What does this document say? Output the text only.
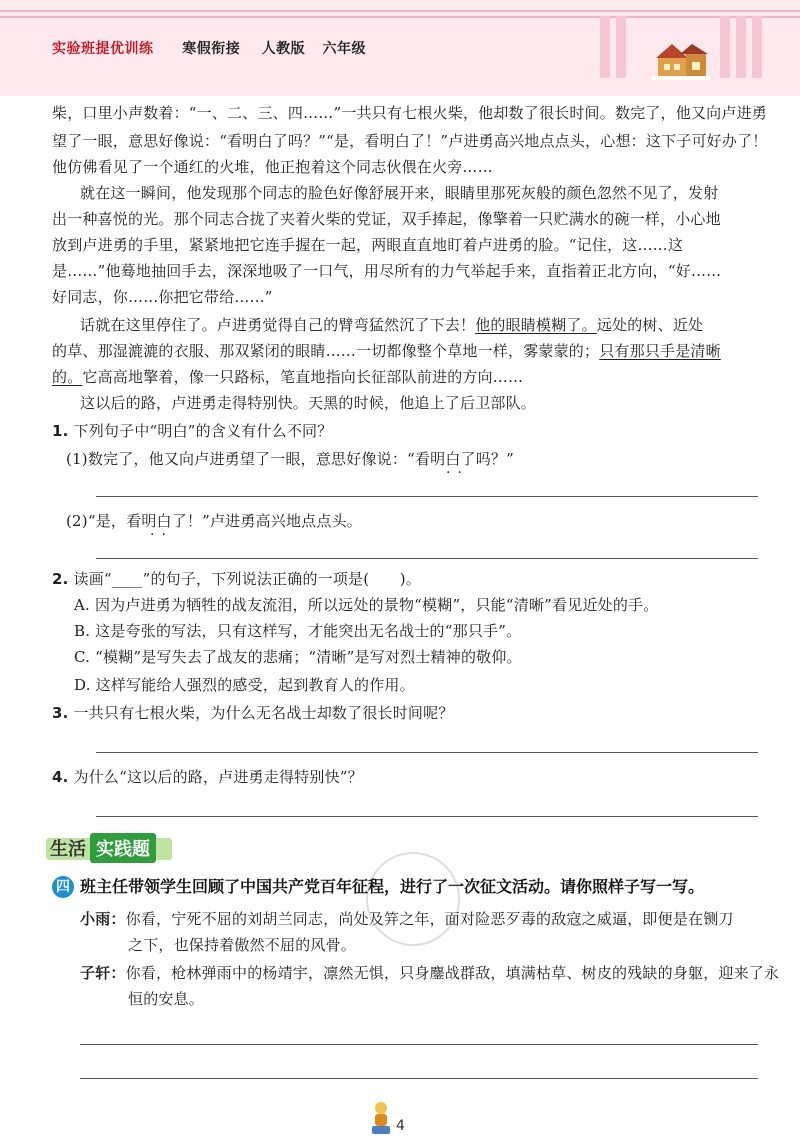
实验班提优训练 寒假衔接 人教版 六年级
柴，口里小声数着：“一、二、三、四……”一共只有七根火柴，他却数了很长时间。数完了，他又向卢进勇
望了一眼，意思好像说：“看明白了吗？”“是，看明白了！”卢进勇高兴地点点头，心想：这下子可好办了！
他仿佛看见了一个通红的火堆，他正抱着这个同志伙偎在火旁……
就在这一瞬间，他发现那个同志的脸色好像舒展开来，眼睛里那死灰般的颜色忽然不见了，发射
出一种喜悦的光。那个同志合拢了夹着火柴的党证，双手捧起，像擎着一只贮满水的碗一样，小心地
放到卢进勇的手里，紧紧地把它连手握在一起，两眼直直地盯着卢进勇的脸。“记住，这……这
是……”他蓦地抽回手去，深深地吸了一口气，用尽所有的力气举起手来，直指着正北方向，“好……
好同志，你……你把它带给……”
话就在这里停住了。卢进勇觉得自己的臂弯猛然沉了下去！他的眼睛模糊了。远处的树、近处
的草、那湿漉漉的衣服、那双紧闭的眼睛……一切都像整个草地一样，雾蒙蒙的；只有那只手是清晰
的。它高高地擎着，像一只路标，笔直地指向长征部队前进的方向……
这以后的路，卢进勇走得特别快。天黑的时候，他追上了后卫部队。
1. 下列句子中“明白”的含义有什么不同？
(1)数完了，他又向卢进勇望了一眼，意思好像说：“看明白了吗？”
··
(2)“是，看明白了！”卢进勇高兴地点点头。
··
2. 读画“____”的句子，下列说法正确的一项是(　　)。
A. 因为卢进勇为牺牲的战友流泪，所以远处的景物“模糊”，只能“清晰”看见近处的手。
B. 这是夸张的写法，只有这样写，才能突出无名战士的“那只手”。
C. “模糊”是写失去了战友的悲痛；“清晰”是写对烈士精神的敬仰。
D. 这样写能给人强烈的感受，起到教育人的作用。
3. 一共只有七根火柴，为什么无名战士却数了很长时间呢？
4. 为什么“这以后的路，卢进勇走得特别快”？
生活 实践题
四 班主任带领学生回顾了中国共产党百年征程，进行了一次征文活动。请你照样子写一写。
小雨：你看，宁死不屈的刘胡兰同志，尚处及笄之年，面对险恶歹毒的敌寇之威逼，即便是在铡刀
之下，也保持着傲然不屈的风骨。
子轩：你看，枪林弹雨中的杨靖宇，凛然无惧，只身鏖战群敌，填满枯草、树皮的残缺的身躯，迎来了永
恒的安息。
4
